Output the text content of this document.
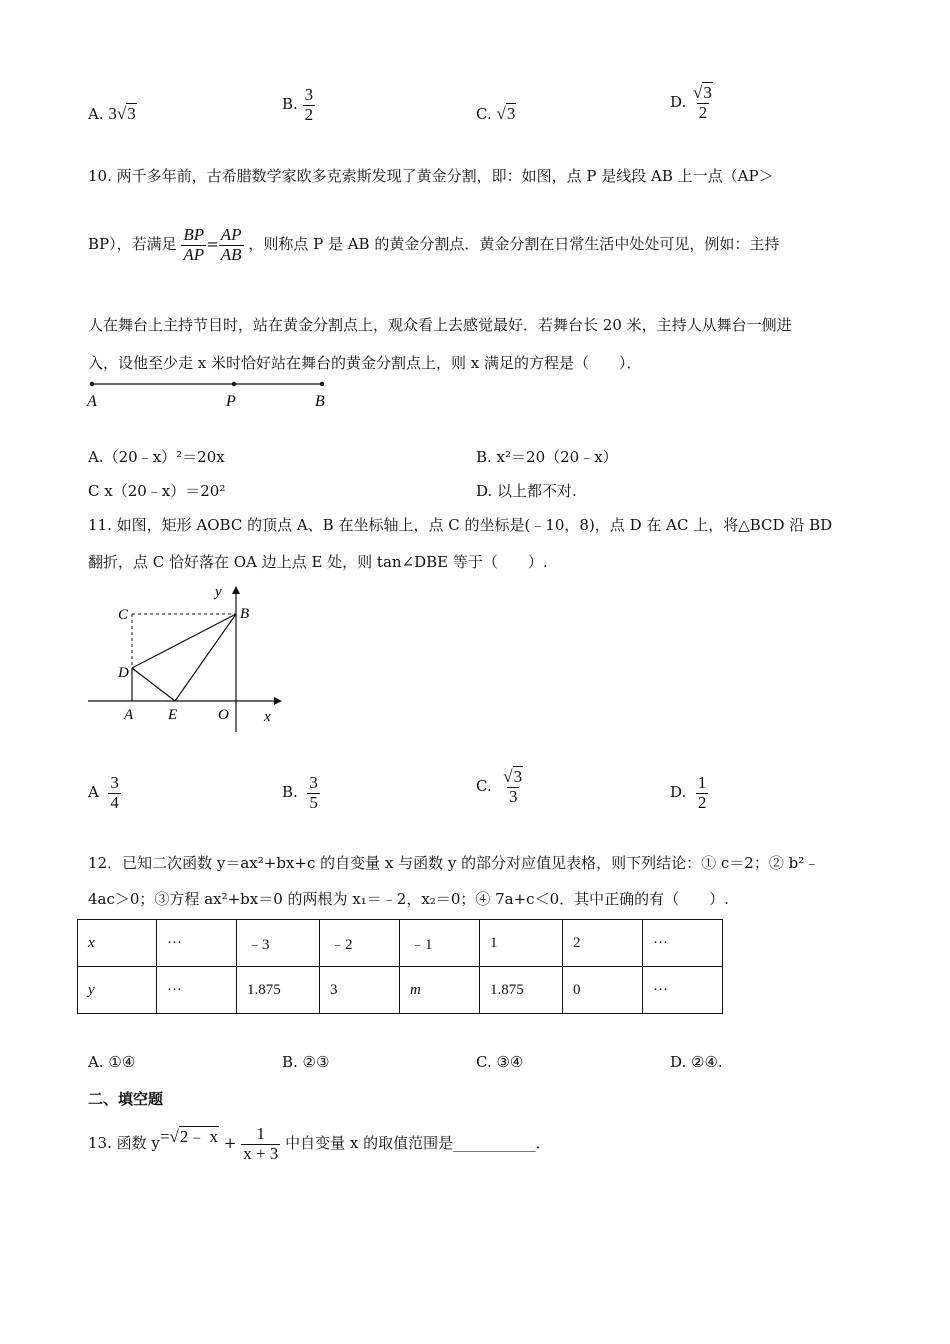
A. 3√3	B. $\frac{3}{2}$	C. √3
D. $\frac{√3}{2}$
10. 两千多年前，古希腊数学家欧多克索斯发现了黄金分割，即：如图，点 P 是线段 AB 上一点（AP＞
BP），若满足 $\frac{BP}{AP} = \frac{AP}{AB}$ ，则称点 P 是 AB 的黄金分割点．黄金分割在日常生活中处处可见，例如：主持
人在舞台上主持节目时，站在黄金分割点上，观众看上去感觉最好．若舞台长 20 米，主持人从舞台一侧进
入，设他至少走 x 米时恰好站在舞台的黄金分割点上，则 x 满足的方程是（　　）．
A	P	B
A.（20﹣x）²＝20x	B. x²＝20（20﹣x）
C x（20﹣x）＝20²	D. 以上都不对.
11. 如图，矩形 AOBC 的顶点 A、B 在坐标轴上，点 C 的坐标是(﹣10，8)，点 D 在 AC 上，将△BCD 沿 BD
翻折，点 C 恰好落在 OA 边上点 E 处，则 tan∠DBE 等于（　　）.
y
C	B
D
A E	O x
A $\frac{3}{4}$	B. $\frac{3}{5}$	C. $\frac{√3}{3}$	D. $\frac{1}{2}$
12．已知二次函数 y＝ax²+bx+c 的自变量 x 与函数 y 的部分对应值见表格，则下列结论：① c＝2；② b²﹣
4ac＞0；③方程 ax²+bx＝0 的两根为 x₁＝﹣2，x₂＝0；④ 7a+c＜0．其中正确的有（　　）.
x	···	﹣3	﹣2	﹣1	1	2	···
y	···	1.875	3	m	1.875	0	···
A. ①④	B. ②③	C. ③④	D. ②④.
二、填空题
13. 函数 y=√2﹣ $x + \frac{1}{x + 3}$ 中自变量 x 的取值范围是___________．
